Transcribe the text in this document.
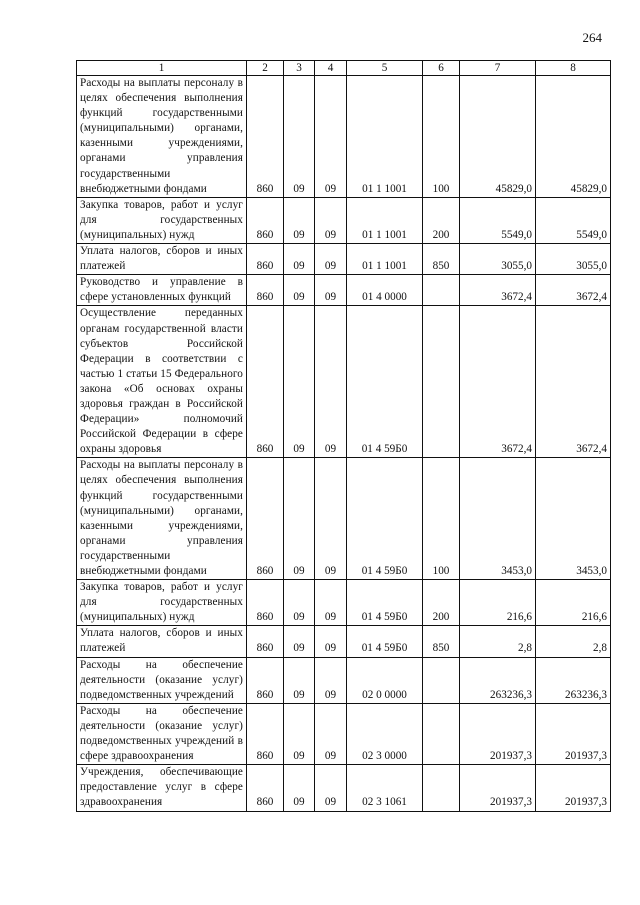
264
1	2	3	4	5	6	7	8
Расходы на выплаты персоналу в целях обеспечения выполнения функций государственными (муниципальными) органами, казенными учреждениями, органами управления государственными внебюджетными фондами	860	09	09	01 1 1001	100	45829,0	45829,0
Закупка товаров, работ и услуг для государственных (муниципальных) нужд	860	09	09	01 1 1001	200	5549,0	5549,0
Уплата налогов, сборов и иных платежей	860	09	09	01 1 1001	850	3055,0	3055,0
Руководство и управление в сфере установленных функций	860	09	09	01 4 0000		3672,4	3672,4
Осуществление переданных органам государственной власти субъектов Российской Федерации в соответствии с частью 1 статьи 15 Федерального закона «Об основах охраны здоровья граждан в Российской Федерации» полномочий Российской Федерации в сфере охраны здоровья	860	09	09	01 4 59Б0		3672,4	3672,4
Расходы на выплаты персоналу в целях обеспечения выполнения функций государственными (муниципальными) органами, казенными учреждениями, органами управления государственными внебюджетными фондами	860	09	09	01 4 59Б0	100	3453,0	3453,0
Закупка товаров, работ и услуг для государственных (муниципальных) нужд	860	09	09	01 4 59Б0	200	216,6	216,6
Уплата налогов, сборов и иных платежей	860	09	09	01 4 59Б0	850	2,8	2,8
Расходы на обеспечение деятельности (оказание услуг) подведомственных учреждений	860	09	09	02 0 0000		263236,3	263236,3
Расходы на обеспечение деятельности (оказание услуг) подведомственных учреждений в сфере здравоохранения	860	09	09	02 3 0000		201937,3	201937,3
Учреждения, обеспечивающие предоставление услуг в сфере здравоохранения	860	09	09	02 3 1061		201937,3	201937,3
